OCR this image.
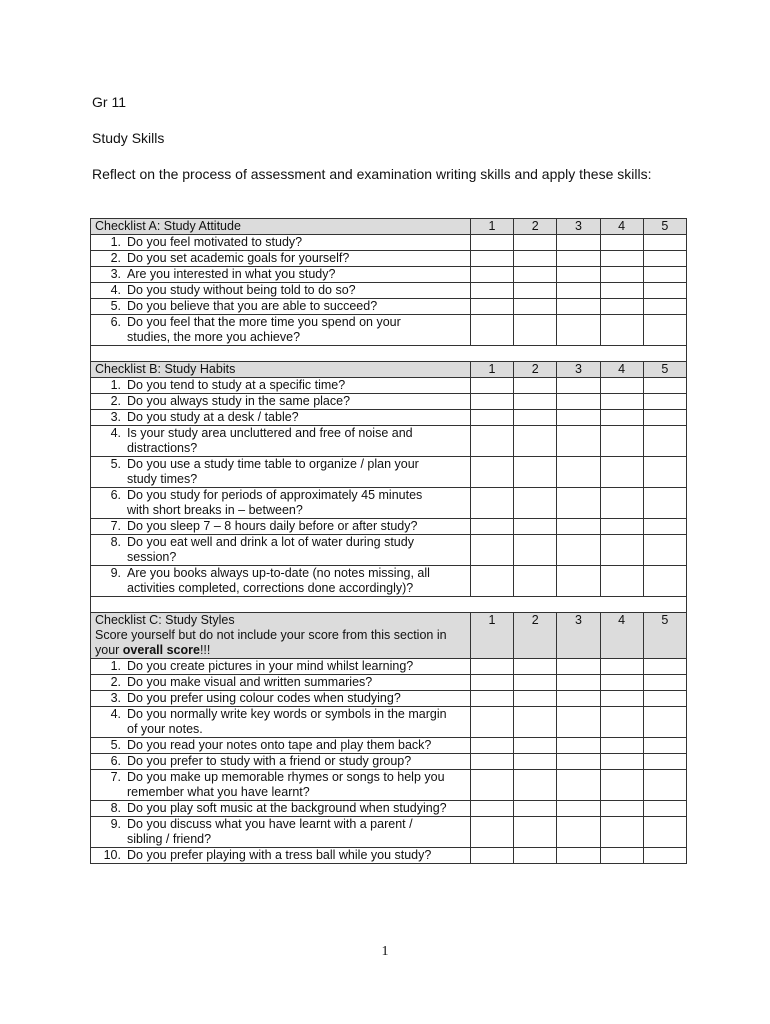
Gr 11
Study Skills
Reflect on the process of assessment and examination writing skills and apply these skills:
Checklist A: Study Attitude	1	2	3	4	5
1. Do you feel motivated to study?					
2. Do you set academic goals for yourself?					
3. Are you interested in what you study?					
4. Do you study without being told to do so?					
5. Do you believe that you are able to succeed?					
6. Do you feel that the more time you spend on your studies, the more you achieve?					

Checklist B: Study Habits	1	2	3	4	5
1. Do you tend to study at a specific time?					
2. Do you always study in the same place?					
3. Do you study at a desk / table?					
4. Is your study area uncluttered and free of noise and distractions?					
5. Do you use a study time table to organize / plan your study times?					
6. Do you study for periods of approximately 45 minutes with short breaks in – between?					
7. Do you sleep 7 – 8 hours daily before or after study?					
8. Do you eat well and drink a lot of water during study session?					
9. Are you books always up-to-date (no notes missing, all activities completed, corrections done accordingly)?					

Checklist C: Study Styles
Score yourself but do not include your score from this section in your overall score!!!	1	2	3	4	5
1. Do you create pictures in your mind whilst learning?					
2. Do you make visual and written summaries?					
3. Do you prefer using colour codes when studying?					
4. Do you normally write key words or symbols in the margin of your notes.					
5. Do you read your notes onto tape and play them back?					
6. Do you prefer to study with a friend or study group?					
7. Do you make up memorable rhymes or songs to help you remember what you have learnt?					
8. Do you play soft music at the background when studying?					
9. Do you discuss what you have learnt with a parent / sibling / friend?					
10. Do you prefer playing with a tress ball while you study?					
1
